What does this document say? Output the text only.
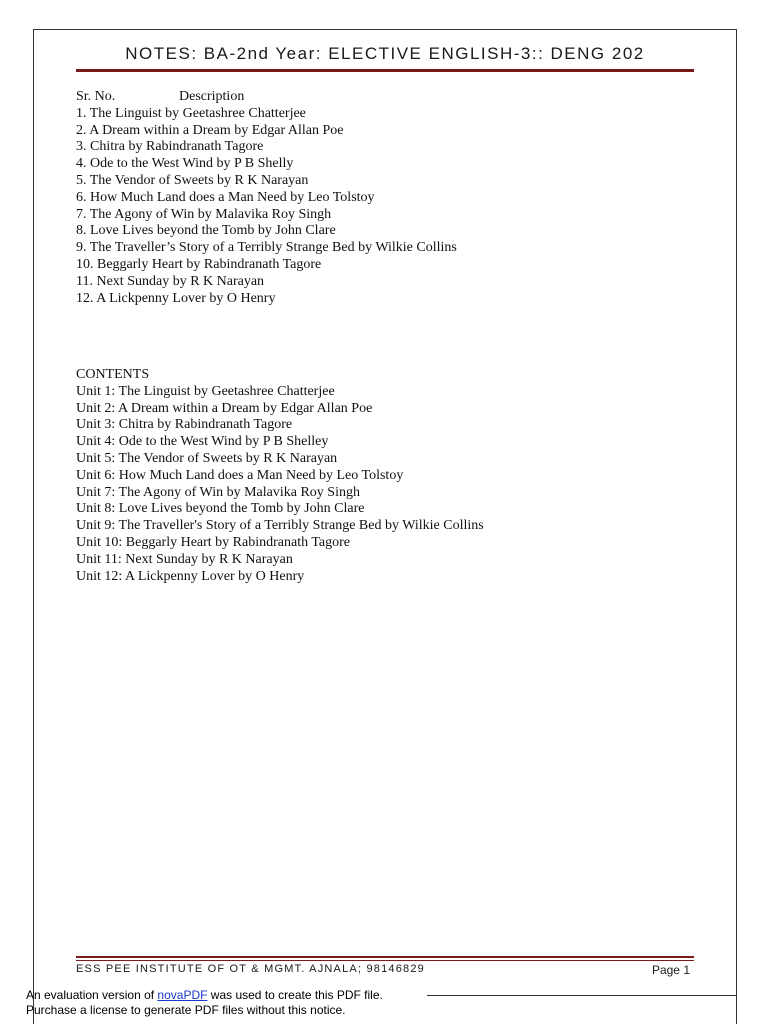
NOTES: BA-2nd Year: ELECTIVE ENGLISH-3:: DENG 202
Sr. No.	Description
1. The Linguist by Geetashree Chatterjee
2. A Dream within a Dream by Edgar Allan Poe
3. Chitra by Rabindranath Tagore
4. Ode to the West Wind by P B Shelly
5. The Vendor of Sweets by R K Narayan
6. How Much Land does a Man Need by Leo Tolstoy
7. The Agony of Win by Malavika Roy Singh
8. Love Lives beyond the Tomb by John Clare
9. The Traveller’s Story of a Terribly Strange Bed by Wilkie Collins
10. Beggarly Heart by Rabindranath Tagore
11. Next Sunday by R K Narayan
12. A Lickpenny Lover by O Henry
CONTENTS
Unit 1: The Linguist by Geetashree Chatterjee
Unit 2: A Dream within a Dream by Edgar Allan Poe
Unit 3: Chitra by Rabindranath Tagore
Unit 4: Ode to the West Wind by P B Shelley
Unit 5: The Vendor of Sweets by R K Narayan
Unit 6: How Much Land does a Man Need by Leo Tolstoy
Unit 7: The Agony of Win by Malavika Roy Singh
Unit 8: Love Lives beyond the Tomb by John Clare
Unit 9: The Traveller's Story of a Terribly Strange Bed by Wilkie Collins
Unit 10: Beggarly Heart by Rabindranath Tagore
Unit 11: Next Sunday by R K Narayan
Unit 12: A Lickpenny Lover by O Henry
ESS PEE INSTITUTE OF OT & MGMT. AJNALA; 98146829	Page 1
An evaluation version of novaPDF was used to create this PDF file.
Purchase a license to generate PDF files without this notice.
